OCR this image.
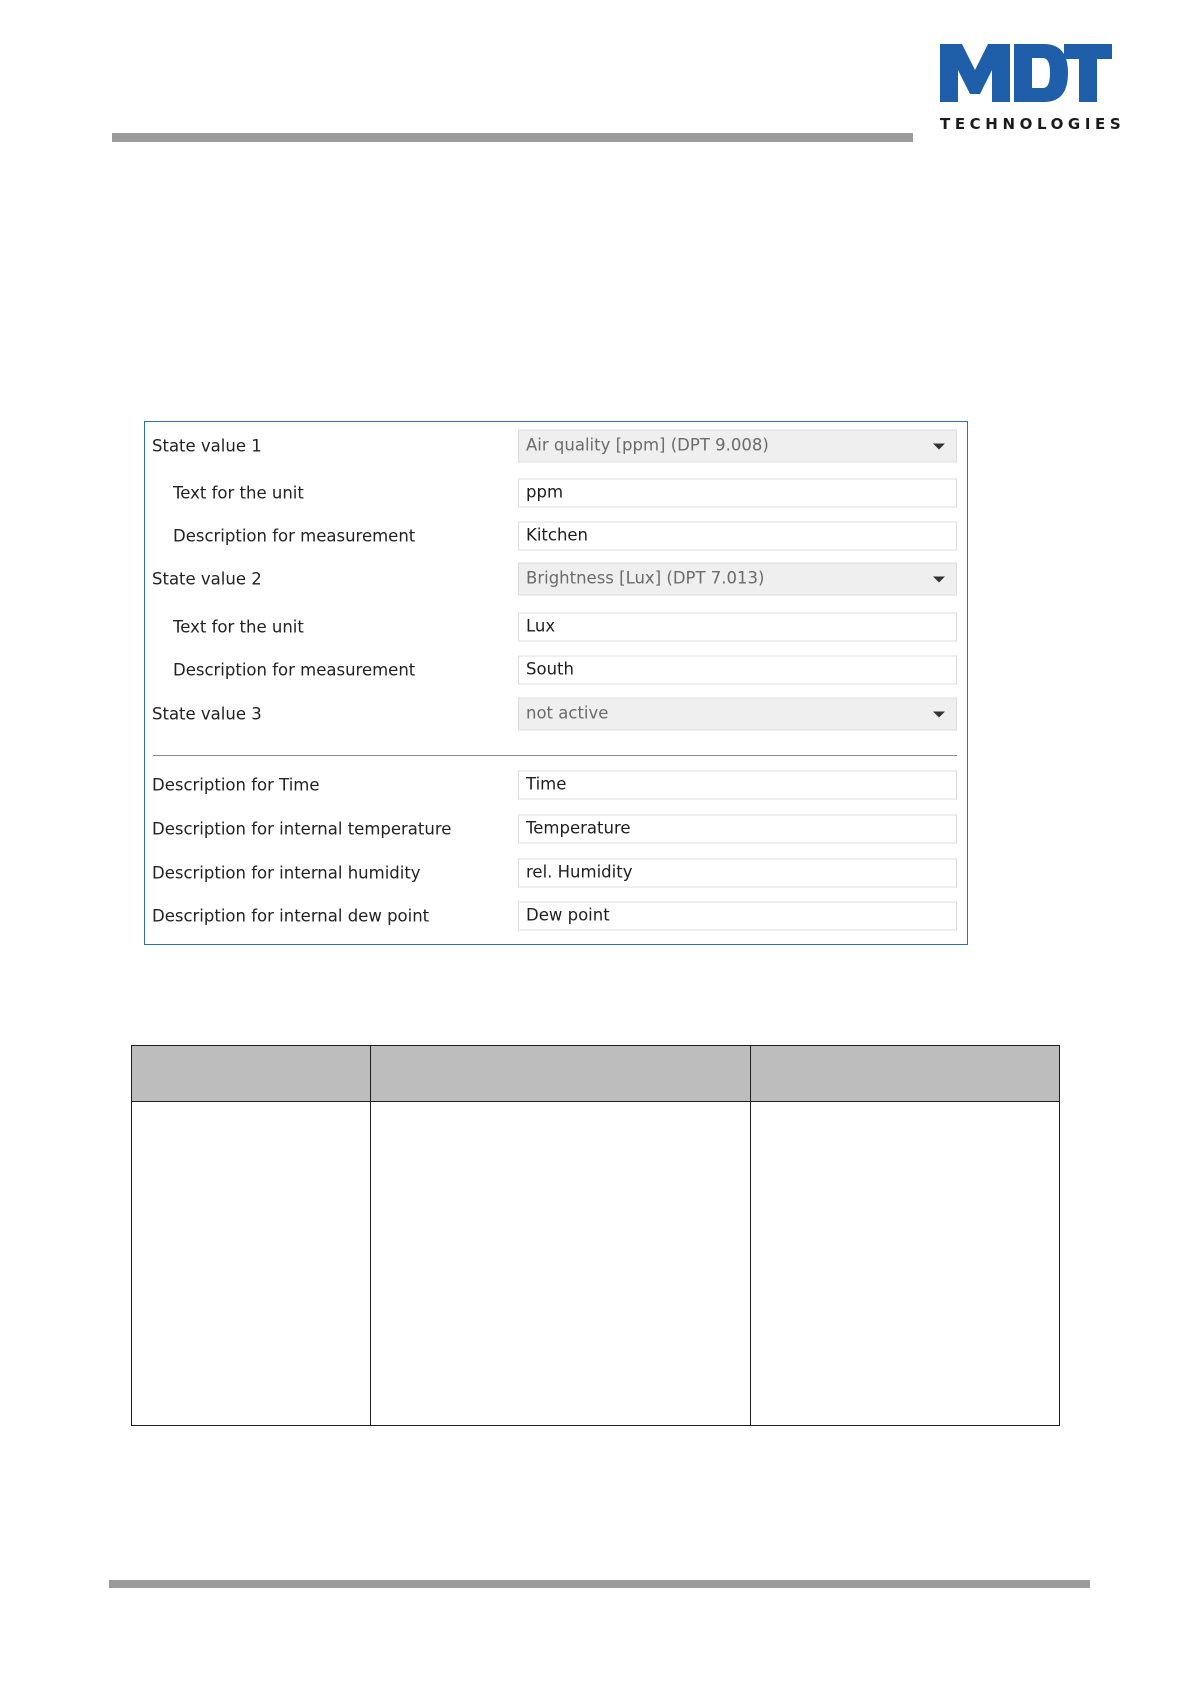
TECHNOLOGIES
State value 1	Air quality [ppm] (DPT 9.008)
Text for the unit	ppm
Description for measurement	Kitchen
State value 2	Brightness [Lux] (DPT 7.013)
Text for the unit	Lux
Description for measurement	South
State value 3	not active
Description for Time	Time
Description for internal temperature	Temperature
Description for internal humidity	rel. Humidity
Description for internal dew point	Dew point
